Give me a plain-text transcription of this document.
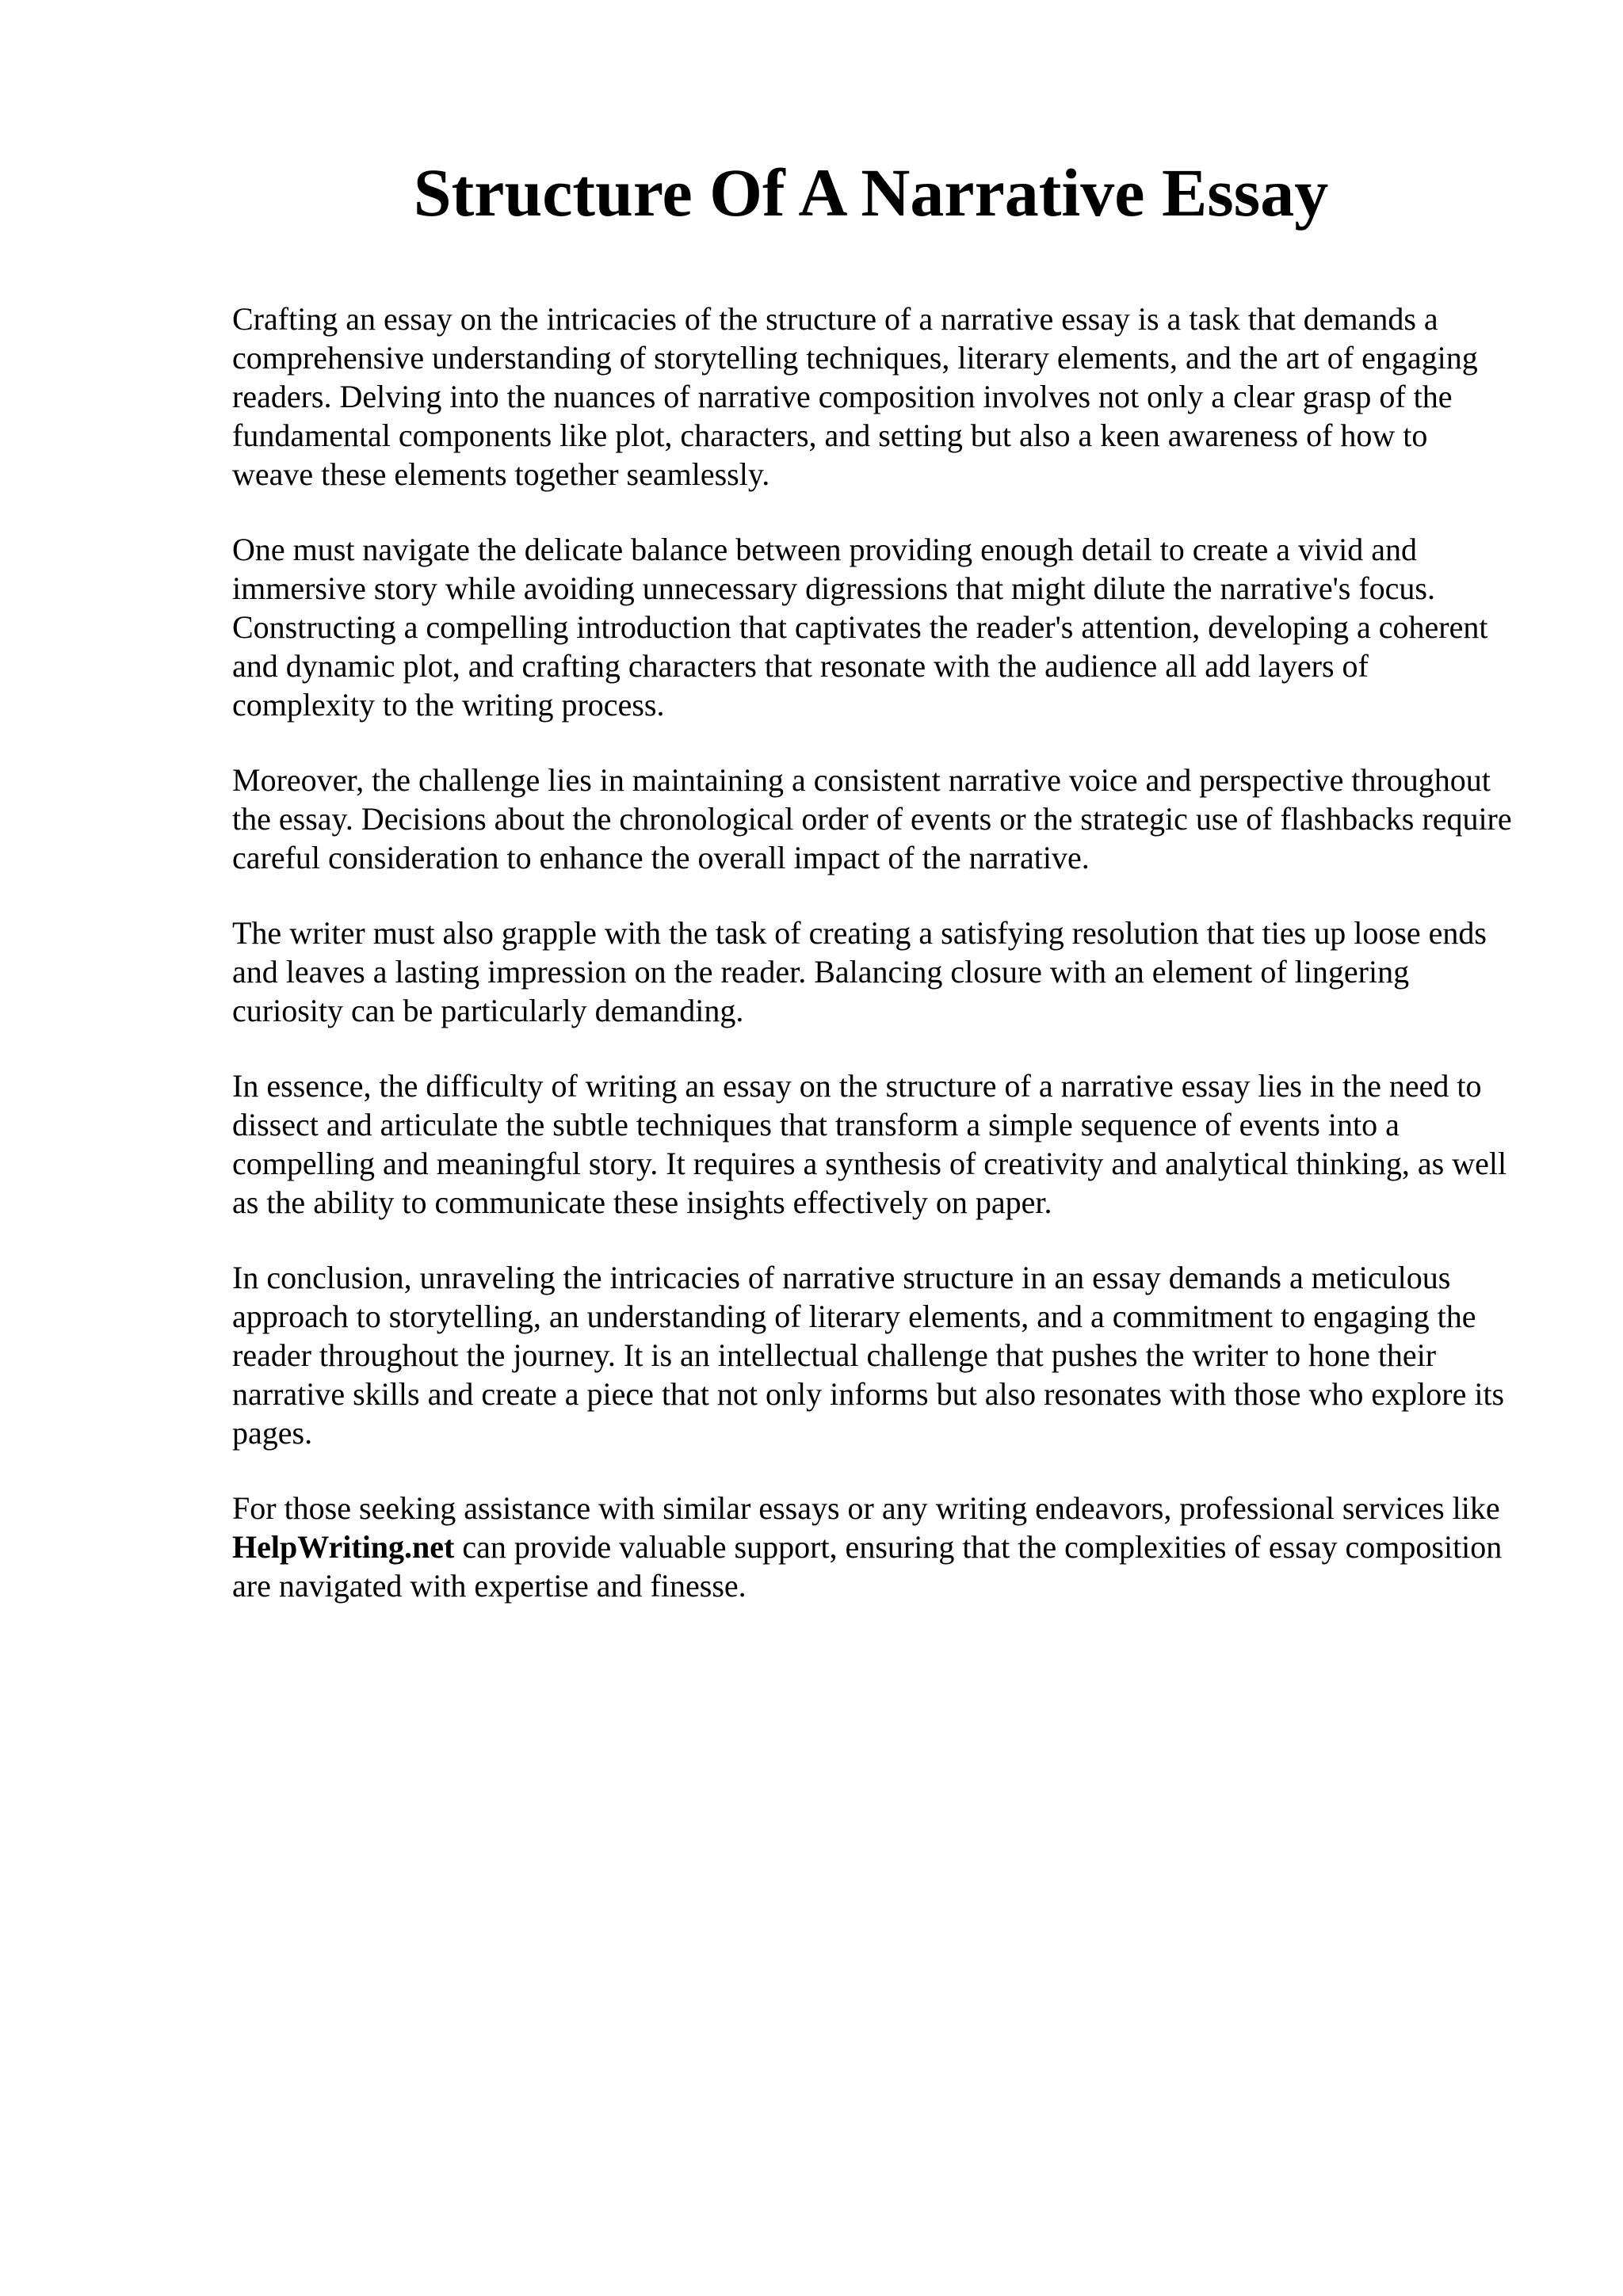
Structure Of A Narrative Essay

Crafting an essay on the intricacies of the structure of a narrative essay is a task that demands a comprehensive understanding of storytelling techniques, literary elements, and the art of engaging readers. Delving into the nuances of narrative composition involves not only a clear grasp of the fundamental components like plot, characters, and setting but also a keen awareness of how to weave these elements together seamlessly.

One must navigate the delicate balance between providing enough detail to create a vivid and immersive story while avoiding unnecessary digressions that might dilute the narrative's focus. Constructing a compelling introduction that captivates the reader's attention, developing a coherent and dynamic plot, and crafting characters that resonate with the audience all add layers of complexity to the writing process.

Moreover, the challenge lies in maintaining a consistent narrative voice and perspective throughout the essay. Decisions about the chronological order of events or the strategic use of flashbacks require careful consideration to enhance the overall impact of the narrative.

The writer must also grapple with the task of creating a satisfying resolution that ties up loose ends and leaves a lasting impression on the reader. Balancing closure with an element of lingering curiosity can be particularly demanding.

In essence, the difficulty of writing an essay on the structure of a narrative essay lies in the need to dissect and articulate the subtle techniques that transform a simple sequence of events into a compelling and meaningful story. It requires a synthesis of creativity and analytical thinking, as well as the ability to communicate these insights effectively on paper.

In conclusion, unraveling the intricacies of narrative structure in an essay demands a meticulous approach to storytelling, an understanding of literary elements, and a commitment to engaging the reader throughout the journey. It is an intellectual challenge that pushes the writer to hone their narrative skills and create a piece that not only informs but also resonates with those who explore its pages.

For those seeking assistance with similar essays or any writing endeavors, professional services like HelpWriting.net can provide valuable support, ensuring that the complexities of essay composition are navigated with expertise and finesse.
